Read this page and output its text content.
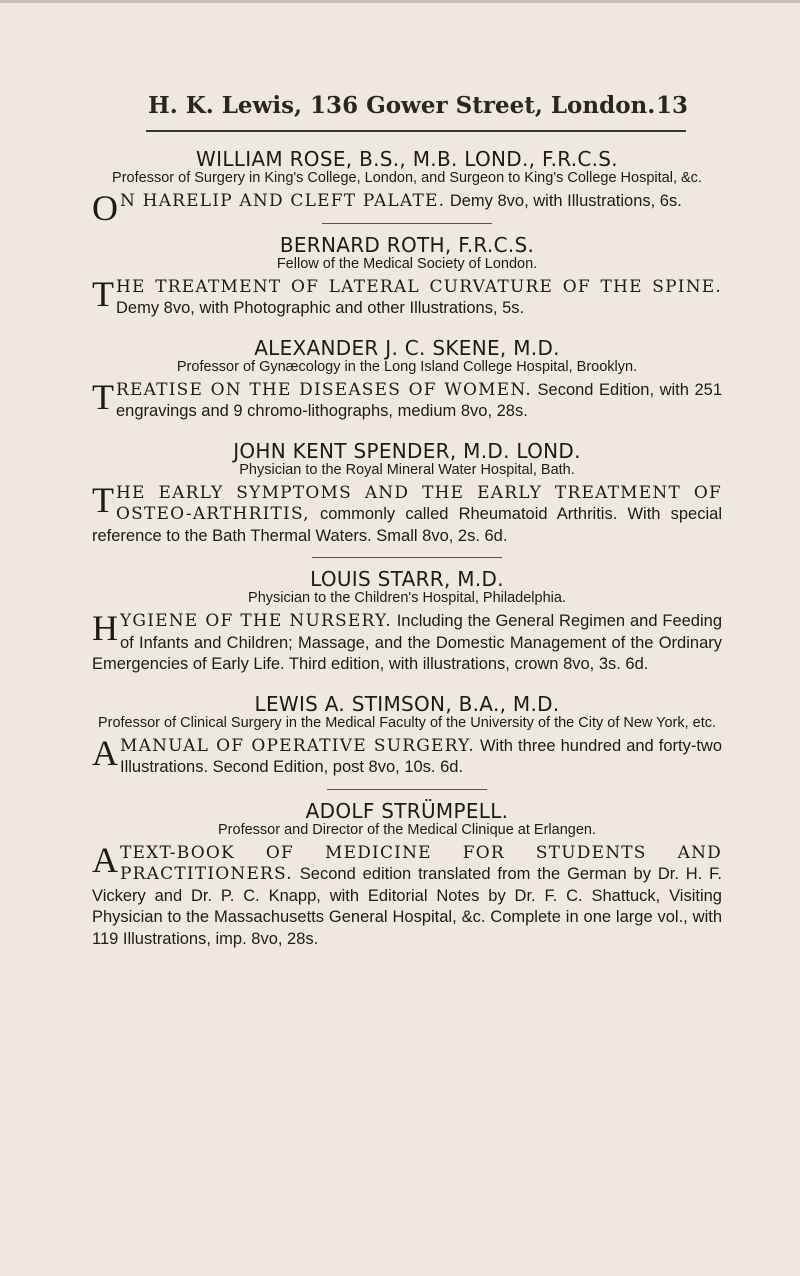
H. K. Lewis, 136 Gower Street, London. 13
WILLIAM ROSE, B.S., M.B. LOND., F.R.C.S.
Professor of Surgery in King's College, London, and Surgeon to King's College Hospital, &c.
O N HARELIP AND CLEFT PALATE. Demy 8vo, with Illustrations, 6s.
BERNARD ROTH, F.R.C.S.
Fellow of the Medical Society of London.
T HE TREATMENT OF LATERAL CURVATURE OF THE SPINE. Demy 8vo, with Photographic and other Illustrations, 5s.
ALEXANDER J. C. SKENE, M.D.
Professor of Gynæcology in the Long Island College Hospital, Brooklyn.
T REATISE ON THE DISEASES OF WOMEN. Second Edition, with 251 engravings and 9 chromo-lithographs, medium 8vo, 28s.
JOHN KENT SPENDER, M.D. LOND.
Physician to the Royal Mineral Water Hospital, Bath.
T HE EARLY SYMPTOMS AND THE EARLY TREATMENT OF OSTEO-ARTHRITIS, commonly called Rheumatoid Arthritis. With special reference to the Bath Thermal Waters. Small 8vo, 2s. 6d.
LOUIS STARR, M.D.
Physician to the Children's Hospital, Philadelphia.
H YGIENE OF THE NURSERY. Including the General Regimen and Feeding of Infants and Children; Massage, and the Domestic Management of the Ordinary Emergencies of Early Life. Third edition, with illustrations, crown 8vo, 3s. 6d.
LEWIS A. STIMSON, B.A., M.D.
Professor of Clinical Surgery in the Medical Faculty of the University of the City of New York, etc.
A MANUAL OF OPERATIVE SURGERY. With three hundred and forty-two Illustrations. Second Edition, post 8vo, 10s. 6d.
ADOLF STRÜMPELL.
Professor and Director of the Medical Clinique at Erlangen.
A TEXT-BOOK OF MEDICINE FOR STUDENTS AND PRACTITIONERS. Second edition translated from the German by Dr. H. F. Vickery and Dr. P. C. Knapp, with Editorial Notes by Dr. F. C. Shattuck, Visiting Physician to the Massachusetts General Hospital, &c. Complete in one large vol., with 119 Illustrations, imp. 8vo, 28s.
